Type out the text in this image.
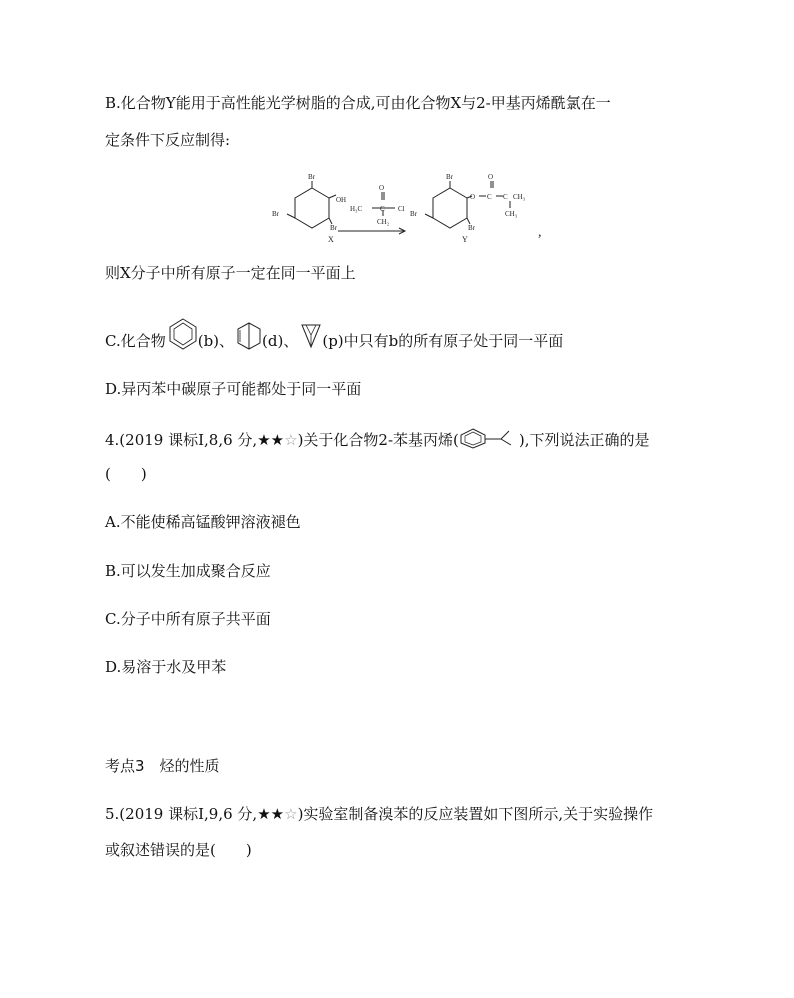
B.化合物Y能用于高性能光学树脂的合成,可由化合物X与2-甲基丙烯酰氯在一
定条件下反应制得:
Br
OH
Br
Br
X
O
H₃C	C Cl
CH₂
Br
O C
O
C CH₃
CH₃
Br
Br
Y	,
则X分子中所有原子一定在同一平面上
C.化合物 (b)、 (d)、 (p) 中只有b的所有原子处于同一平面
D.异丙苯中碳原子可能都处于同一平面
4.(2019 课标Ⅰ,8,6 分, ★★ ☆ )关于化合物2-苯基丙烯(	),下列说法正确的是
(　　)
A.不能使稀高锰酸钾溶液褪色
B.可以发生加成聚合反应
C.分子中所有原子共平面
D.易溶于水及甲苯
考点3　烃的性质
5.(2019 课标Ⅰ,9,6 分, ★★ ☆ )实验室制备溴苯的反应装置如下图所示,关于实验操作
或叙述错误的是(　　)
